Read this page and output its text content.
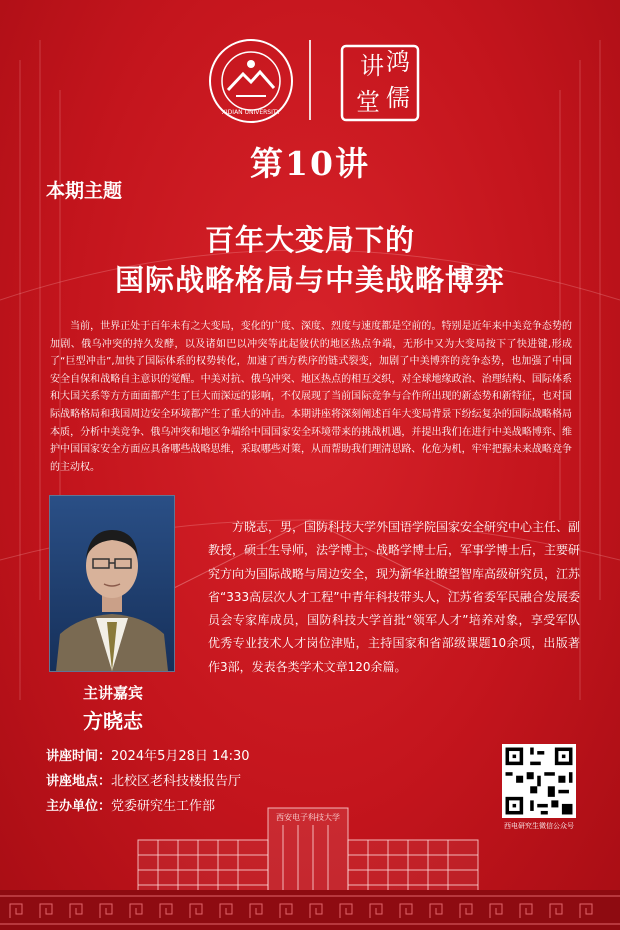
XIDIAN UNIVERSITY
讲 鸿
堂 儒
第10讲
本期主题
百年大变局下的
国际战略格局与中美战略博弈

当前，世界正处于百年未有之大变局，变化的广度、深度、烈度与速度都是空前的。特别是近年来中美竞争态势的加剧、俄乌冲突的持久发酵，以及诸如巴以冲突等此起彼伏的地区热点争端，无形中又为大变局按下了快进键,形成了“巨型冲击”,加快了国际体系的权势转化，加速了西方秩序的链式裂变，加剧了中美博弈的竞争态势，也加强了中国安全自保和战略自主意识的觉醒。中美对抗、俄乌冲突、地区热点的相互交织，对全球地缘政治、治理结构、国际体系和大国关系等方方面面都产生了巨大而深远的影响，不仅展现了当前国际竞争与合作所出现的新态势和新特征，也对国际战略格局和我国周边安全环境都产生了重大的冲击。本期讲座将深刻阐述百年大变局背景下纷纭复杂的国际战略格局本质，分析中美竞争、俄乌冲突和地区争端给中国国家安全环境带来的挑战机遇，并提出我们在进行中美战略博弈、维护中国国家安全方面应具备哪些战略思维，采取哪些对策，从而帮助我们理清思路、化危为机，牢牢把握未来战略竞争的主动权。

方晓志，男，国防科技大学外国语学院国家安全研究中心主任、副教授，硕士生导师，法学博士，战略学博士后，军事学博士后，主要研究方向为国际战略与周边安全，现为新华社瞭望智库高级研究员，江苏省“333高层次人才工程”中青年科技带头人，江苏省委军民融合发展委员会专家库成员，国防科技大学首批“领军人才”培养对象，享受军队优秀专业技术人才岗位津贴，主持国家和省部级课题10余项，出版著作3部，发表各类学术文章120余篇。

主讲嘉宾
方晓志
讲座时间：2024年5月28日 14:30
讲座地点：北校区老科技楼报告厅
主办单位：党委研究生工作部
西安电子科技大学
西电研究生微信公众号
